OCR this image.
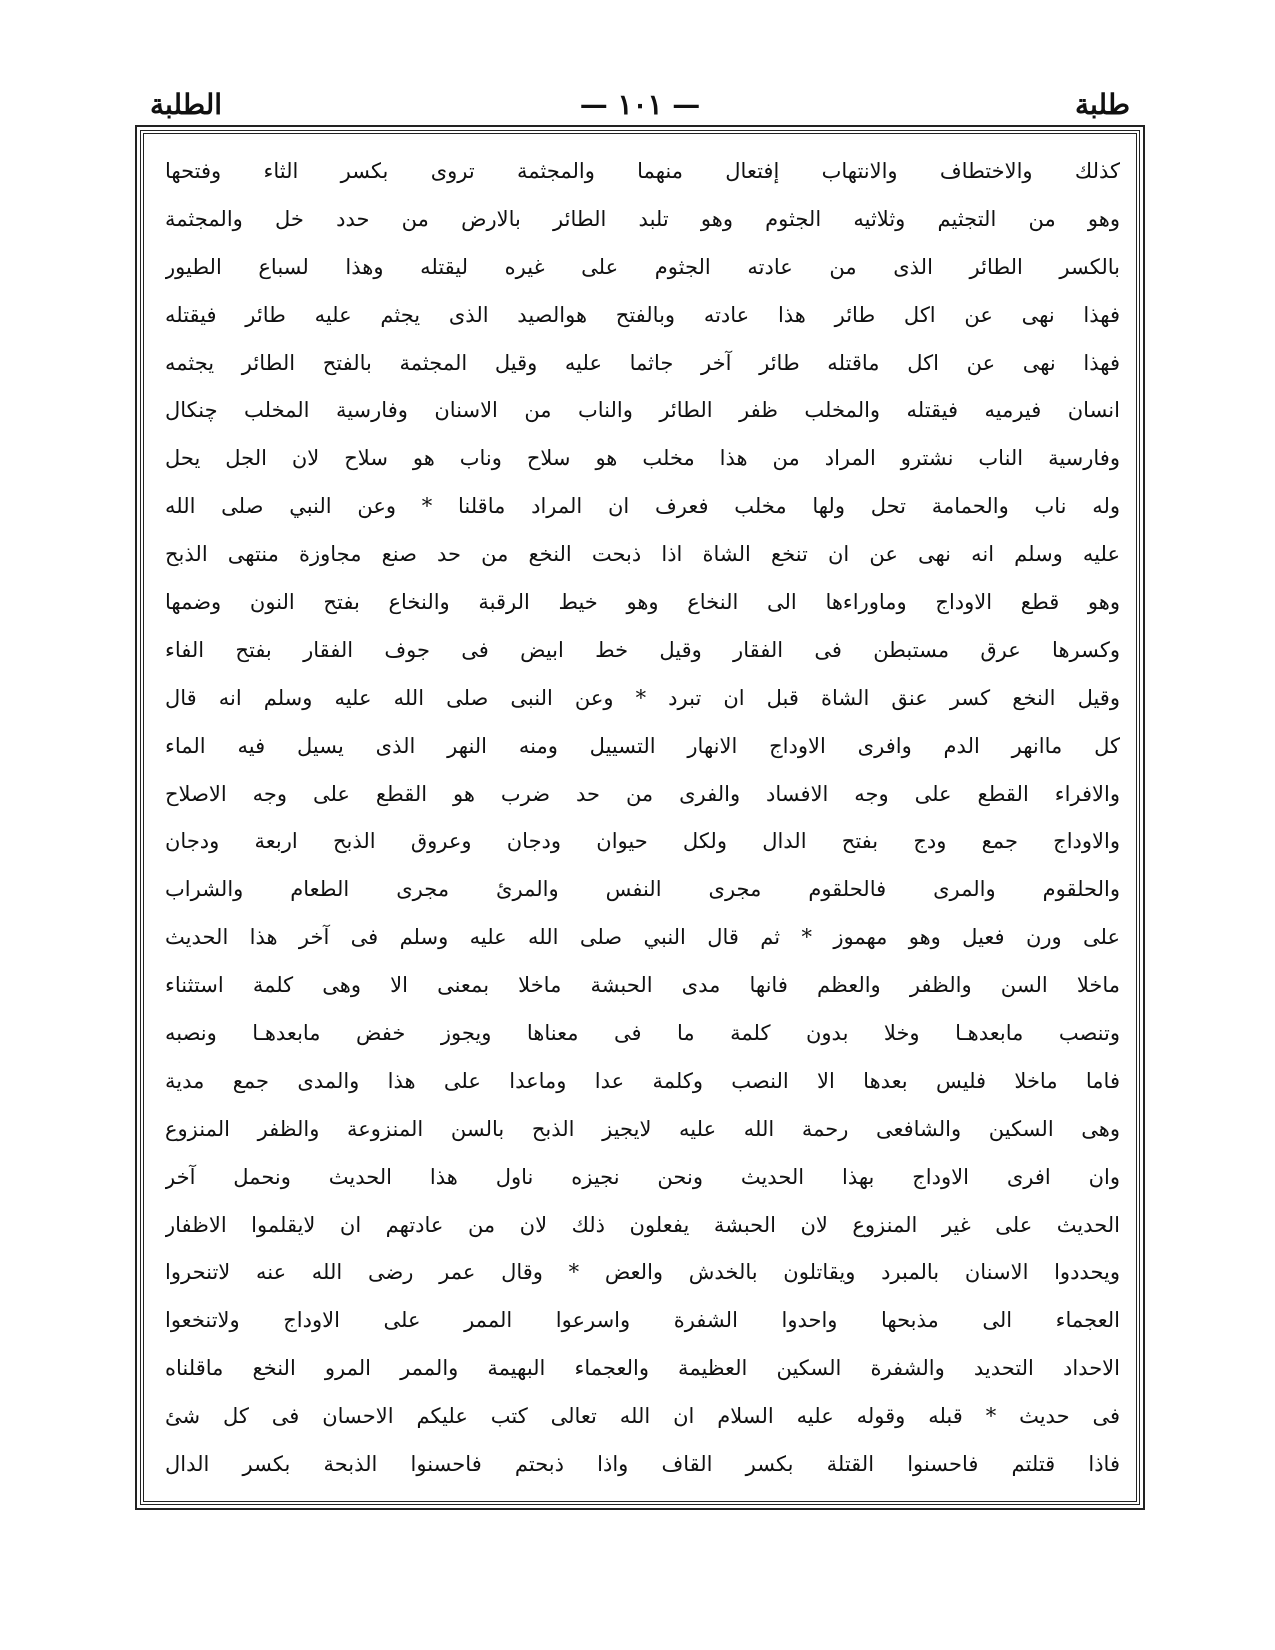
طلبة
— ١٠١ —
الطلبة
كذلك والاختطاف والانتهاب إفتعال منهما والمجثمة تروى بكسر الثاء وفتحها
وهو من التجثيم وثلاثيه الجثوم وهو تلبد الطائر بالارض من حدد خل والمجثمة
بالكسر الطائر الذى من عادته الجثوم على غيره ليقتله وهذا لسباع الطيور
فهذا نهى عن اكل طائر هذا عادته وبالفتح هوالصيد الذى يجثم عليه طائر فيقتله
فهذا نهى عن اكل ماقتله طائر آخر جاثما عليه وقيل المجثمة بالفتح الطائر يجثمه
انسان فيرميه فيقتله والمخلب ظفر الطائر والناب من الاسنان وفارسية المخلب چنكال
وفارسية الناب نشترو المراد من هذا مخلب هو سلاح وناب هو سلاح لان الجل يحل
وله ناب والحمامة تحل ولها مخلب فعرف ان المراد ماقلنا * وعن النبي صلى الله
عليه وسلم انه نهى عن ان تنخع الشاة اذا ذبحت النخع من حد صنع مجاوزة منتهى الذبح
وهو قطع الاوداج وماوراءها الى النخاع وهو خيط الرقبة والنخاع بفتح النون وضمها
وكسرها عرق مستبطن فى الفقار وقيل خط ابيض فى جوف الفقار بفتح الفاء
وقيل النخع كسر عنق الشاة قبل ان تبرد * وعن النبى صلى الله عليه وسلم انه قال
كل ماانهر الدم وافرى الاوداج الانهار التسييل ومنه النهر الذى يسيل فيه الماء
والافراء القطع على وجه الافساد والفرى من حد ضرب هو القطع على وجه الاصلاح
والاوداج جمع ودج بفتح الدال ولكل حيوان ودجان وعروق الذبح اربعة ودجان
والحلقوم والمرى فالحلقوم مجرى النفس والمرئ مجرى الطعام والشراب
على ورن فعيل وهو مهموز * ثم قال النبي صلى الله عليه وسلم فى آخر هذا الحديث
ماخلا السن والظفر والعظم فانها مدى الحبشة ماخلا بمعنى الا وهى كلمة استثناء
وتنصب مابعدهـا وخلا بدون كلمة ما فى معناها ويجوز خفض مابعدهـا ونصبه
فاما ماخلا فليس بعدها الا النصب وكلمة عدا وماعدا على هذا والمدى جمع مدية
وهى السكين والشافعى رحمة الله عليه لايجيز الذبح بالسن المنزوعة والظفر المنزوع
وان افرى الاوداج بهذا الحديث ونحن نجيزه ناول هذا الحديث ونحمل آخر
الحديث على غير المنزوع لان الحبشة يفعلون ذلك لان من عادتهم ان لايقلموا الاظفار
ويحددوا الاسنان بالمبرد ويقاتلون بالخدش والعض * وقال عمر رضى الله عنه لاتنحروا
العجماء الى مذبحها واحدوا الشفرة واسرعوا الممر على الاوداج ولاتنخعوا
الاحداد التحديد والشفرة السكين العظيمة والعجماء البهيمة والممر المرو النخع ماقلناه
فى حديث * قبله وقوله عليه السلام ان الله تعالى كتب عليكم الاحسان فى كل شئ
فاذا قتلتم فاحسنوا القتلة بكسر القاف واذا ذبحتم فاحسنوا الذبحة بكسر الدال
